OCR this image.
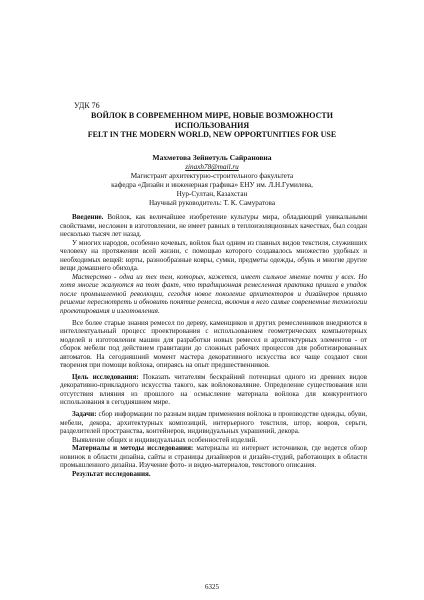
УДК 76
ВОЙЛОК В СОВРЕМЕННОМ МИРЕ, НОВЫЕ ВОЗМОЖНОСТИ ИСПОЛЬЗОВАНИЯ
FELT IN THE MODERN WORLD, NEW OPPORTUNITIES FOR USE
Махметова Зейнетуль Сайрановна
zinaxh78@mail.ru
Магистрант архитектурно-строительного факультета
кафедра «Дизайн и инженерная графика» ЕНУ им. Л.Н.Гумилева,
Нур-Султан, Казахстан
Научный руководитель: Т. К. Самуратова

Введение. Войлок, как величайшее изобретение культуры мира, обладающий уникальными свойствами, несложен в изготовлении, не имеет равных в теплоизоляционных качествах, был создан несколько тысяч лет назад.

У многих народов, особенно кочевых, войлок был одним из главных видов текстиля, служивших человеку на протяжении всей жизни, с помощью которого создавалось множество удобных и необходимых вещей: юрты, разнообразные ковры, сумки, предметы одежды, обувь и многие другие вещи домашнего обихода.

Мастерство - одна из тех тем, которых, кажется, имеет сильное мнение почти у всех. Но хотя многие жалуются на тот факт, что традиционная ремесленная практика пришла в упадок после промышленной революции, сегодня новое поколение архитекторов и дизайнеров приняло решение пересмотреть и обновить понятие ремесла, включив в него самые современные технологии проектирования и изготовления.

Все более старые знания ремесел по дереву, каменщиков и других ремесленников внедряются в интеллектуальный процесс проектирования с использованием геометрических компьютерных моделей и изготовления машин для разработки новых ремесел и архитектурных элементов - от сборок мебели под действием гравитации до сложных рабочих процессов для роботизированных автоматов. На сегодняшний момент мастера декоративного искусства все чаще создают свои творения при помощи войлока, опираясь на опыт предшественников.

Цель исследования: Показать читателям бескрайний потенциал одного из древних видов декоративно-прикладного искусства такого, как войлоковаляние. Определение существования или отсутствия влияния из прошлого на осмысление материала войлока для конкурентного использования в сегодняшнем мире.

Задачи: сбор информации по разным видам применения войлока в производстве одежды, обуви, мебели, декора, архитектурных композиций, интерьерного текстиля, штор, ковров, серьги, разделителей пространства, контейнеров, индивидуальных украшений, декора.

Выявление общих и индивидуальных особенностей изделий.

Материалы и методы исследования: материалы из интернет источников, где ведется обзор новинок в области дизайна, сайты и страницы дизайнеров и дизайн-студий, работающих в области промышленного дизайна. Изучение фото- и видео-материалов, текстового описания.

Результат исследования.

6325
